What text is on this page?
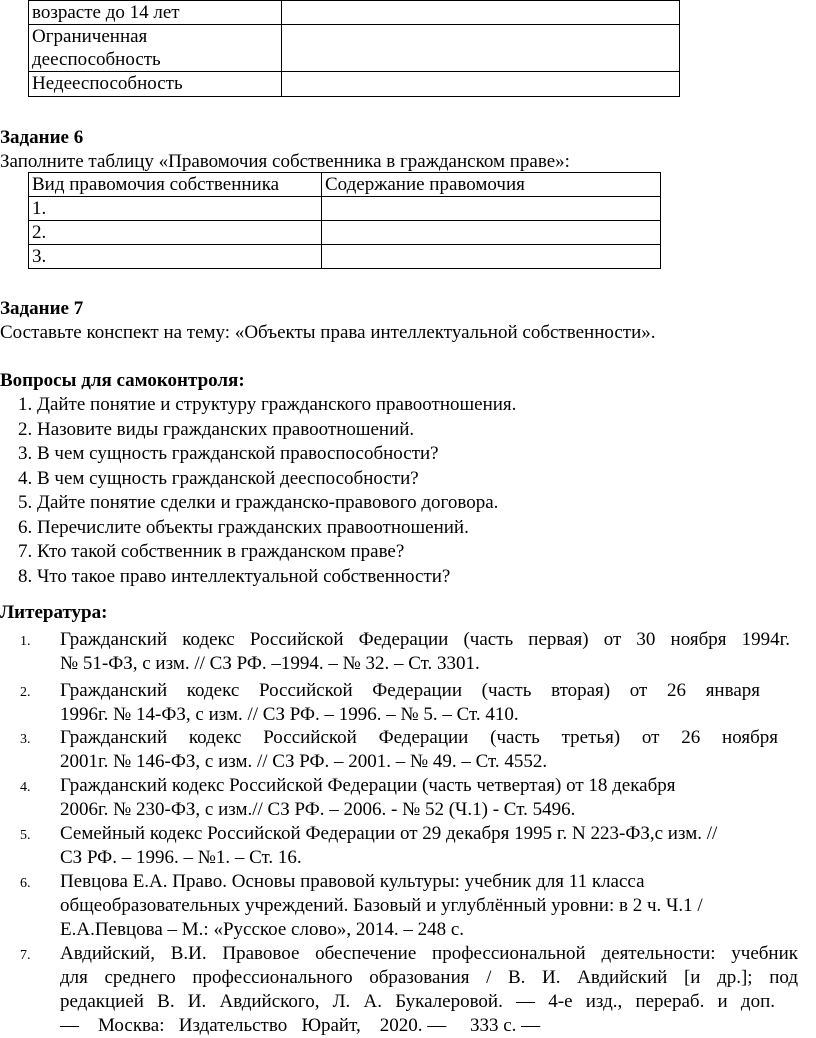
возрасте до 14 лет	
Ограниченная дееспособность	
Недееспособность	
Задание 6
Заполните таблицу «Правомочия собственника в гражданском праве»:
Вид правомочия собственника	Содержание правомочия
1.	
2.	
3.	
Задание 7
Составьте конспект на тему: «Объекты права интеллектуальной собственности».
Вопросы для самоконтроля:
1. Дайте понятие и структуру гражданского правоотношения.
2. Назовите виды гражданских правоотношений.
3. В чем сущность гражданской правоспособности?
4. В чем сущность гражданской дееспособности?
5. Дайте понятие сделки и гражданско-правового договора.
6. Перечислите объекты гражданских правоотношений.
7. Кто такой собственник в гражданском праве?
8. Что такое право интеллектуальной собственности?
Литература:
1. Гражданский кодекс Российской Федерации (часть первая) от 30 ноября 1994г.
№ 51-ФЗ, с изм. // СЗ РФ. –1994. – № 32. – Ст. 3301.
2. Гражданский кодекс Российской Федерации (часть вторая) от 26 января
1996г. № 14-ФЗ, с изм. // СЗ РФ. – 1996. – № 5. – Ст. 410.
3. Гражданский кодекс Российской Федерации (часть третья) от 26 ноября
2001г. № 146-ФЗ, с изм. // СЗ РФ. – 2001. – № 49. – Ст. 4552.
4. Гражданский кодекс Российской Федерации (часть четвертая) от 18 декабря
2006г. № 230-ФЗ, с изм.// СЗ РФ. – 2006. - № 52 (Ч.1) - Ст. 5496.
5. Семейный кодекс Российской Федерации от 29 декабря 1995 г. N 223-ФЗ,с изм. //
СЗ РФ. – 1996. – №1. – Ст. 16.
6. Певцова Е.А. Право. Основы правовой культуры: учебник для 11 класса
общеобразовательных учреждений. Базовый и углублённый уровни: в 2 ч. Ч.1 /
Е.А.Певцова – М.: «Русское слово», 2014. – 248 с.
7. Авдийский, В.И. Правовое обеспечение профессиональной деятельности: учебник
для среднего профессионального образования / В. И. Авдийский [и др.]; под
редакцией В. И. Авдийского, Л. А. Букалеровой. — 4-е изд., перераб. и доп.
—    Москва:   Издательство   Юрайт,    2020. —     333 с. —
